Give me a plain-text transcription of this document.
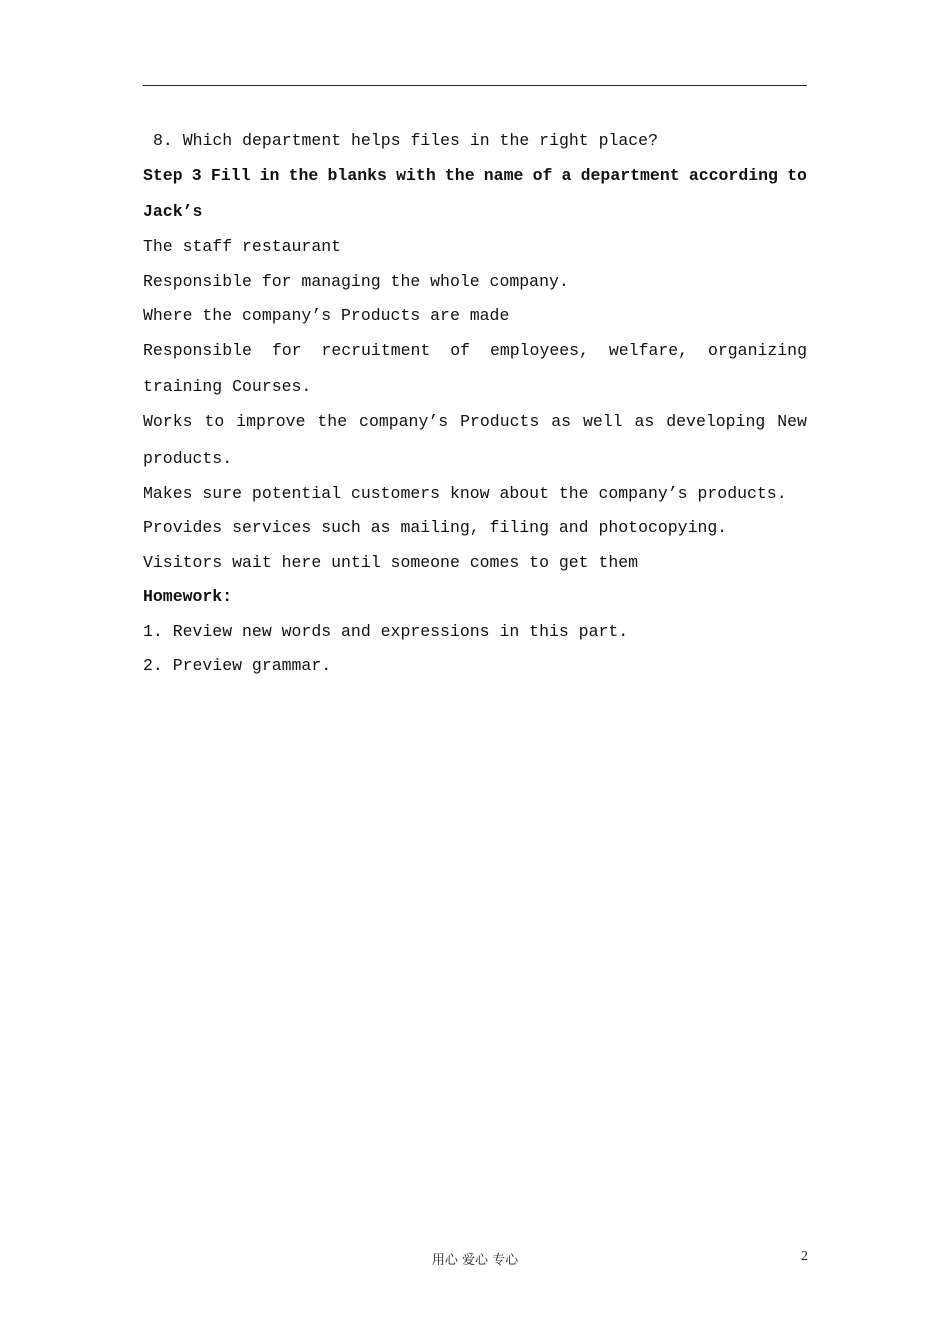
8. Which department helps files in the right place?
Step 3 Fill in the blanks with the name of a department according to
Jack’s
The staff restaurant
Responsible for managing the whole company.
Where the company’s Products are made
Responsible for recruitment of employees, welfare, organizing
training Courses.
Works to improve the company’s Products as well as developing New
products.
Makes sure potential customers know about the company’s products.
Provides services such as mailing, filing and photocopying.
Visitors wait here until someone comes to get them
Homework:
1. Review new words and expressions in this part.
2. Preview grammar.
用心 爱心 专心	2
